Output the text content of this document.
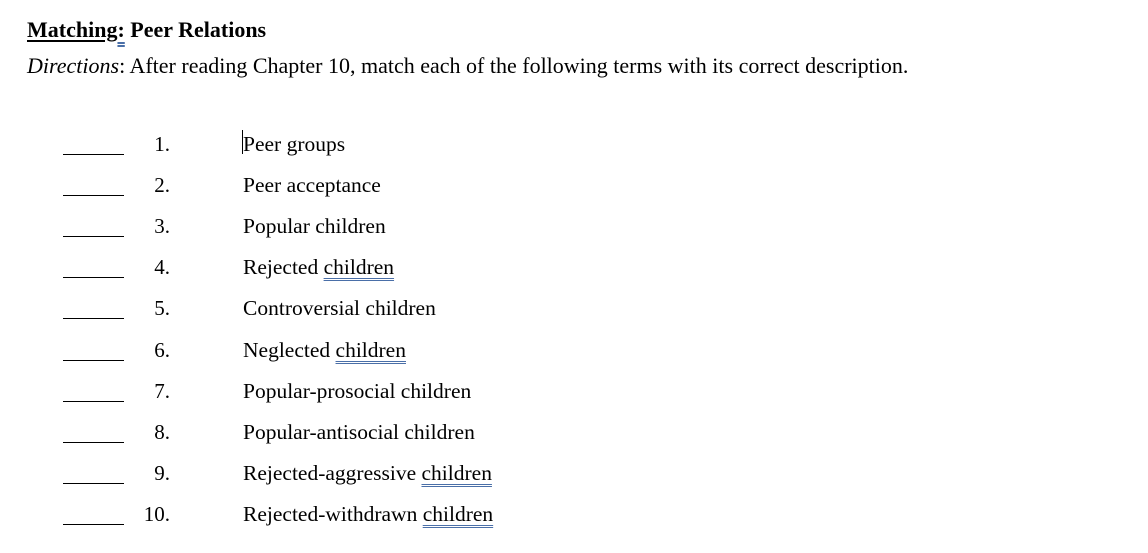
Matching: Peer Relations
Directions: After reading Chapter 10, match each of the following terms with its correct description.
1.	Peer groups
2.	Peer acceptance
3.	Popular children
4.	Rejected children
5.	Controversial children
6.	Neglected children
7.	Popular-prosocial children
8.	Popular-antisocial children
9.	Rejected-aggressive children
10.	Rejected-withdrawn children
